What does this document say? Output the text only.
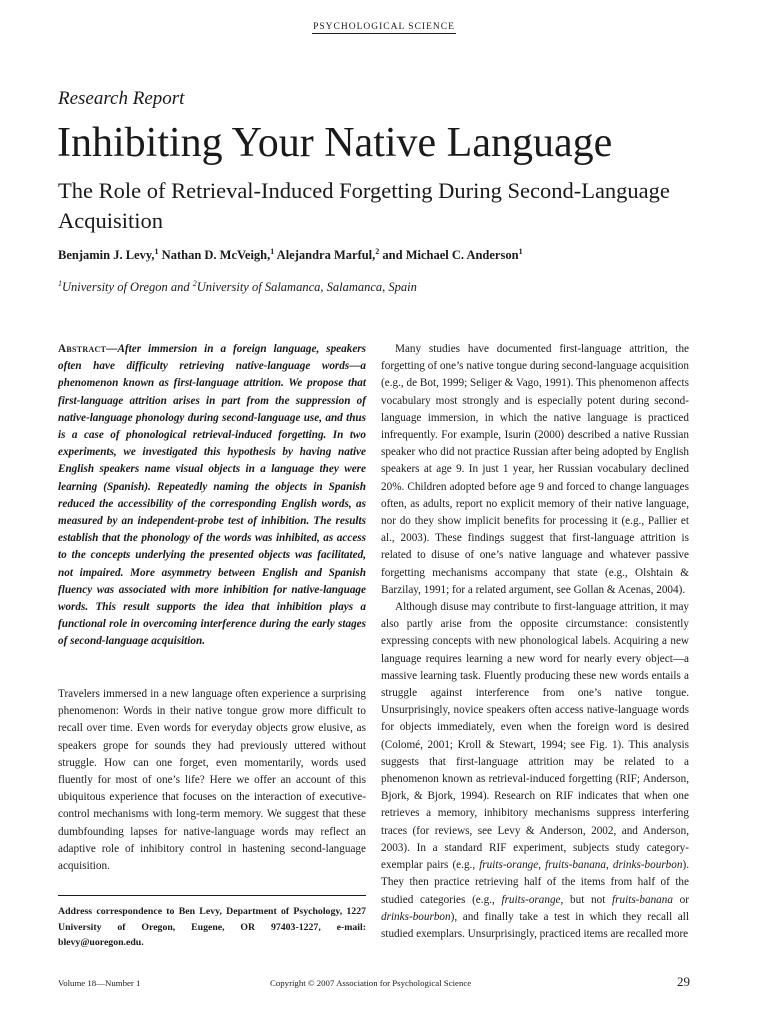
PSYCHOLOGICAL SCIENCE
Research Report
Inhibiting Your Native Language
The Role of Retrieval-Induced Forgetting During Second-Language Acquisition
Benjamin J. Levy,$^1$ Nathan D. McVeigh,$^1$ Alejandra Marful,$^2$ and Michael C. Anderson$^1$
$^1$University of Oregon and $^2$University of Salamanca, Salamanca, Spain

Abstract—After immersion in a foreign language, speakers often have difficulty retrieving native-language words—a phenomenon known as first-language attrition. We propose that first-language attrition arises in part from the suppression of native-language phonology during second-language use, and thus is a case of phonological retrieval-induced forgetting. In two experiments, we investigated this hypothesis by having native English speakers name visual objects in a language they were learning (Spanish). Repeatedly naming the objects in Spanish reduced the accessibility of the corresponding English words, as measured by an independent-probe test of inhibition. The results establish that the phonology of the words was inhibited, as access to the concepts underlying the presented objects was facilitated, not impaired. More asymmetry between English and Spanish fluency was associated with more inhibition for native-language words. This result supports the idea that inhibition plays a functional role in overcoming interference during the early stages of second-language acquisition.

Travelers immersed in a new language often experience a surprising phenomenon: Words in their native tongue grow more difficult to recall over time. Even words for everyday objects grow elusive, as speakers grope for sounds they had previously uttered without struggle. How can one forget, even momentarily, words used fluently for most of one’s life? Here we offer an account of this ubiquitous experience that focuses on the interaction of executive-control mechanisms with long-term memory. We suggest that these dumbfounding lapses for native-language words may reflect an adaptive role of inhibitory control in hastening second-language acquisition.

Address correspondence to Ben Levy, Department of Psychology, 1227 University of Oregon, Eugene, OR 97403-1227, e-mail: blevy@uoregon.edu.

Many studies have documented first-language attrition, the forgetting of one’s native tongue during second-language acquisition (e.g., de Bot, 1999; Seliger & Vago, 1991). This phenomenon affects vocabulary most strongly and is especially potent during second-language immersion, in which the native language is practiced infrequently. For example, Isurin (2000) described a native Russian speaker who did not practice Russian after being adopted by English speakers at age 9. In just 1 year, her Russian vocabulary declined 20%. Children adopted before age 9 and forced to change languages often, as adults, report no explicit memory of their native language, nor do they show implicit benefits for processing it (e.g., Pallier et al., 2003). These findings suggest that first-language attrition is related to disuse of one’s native language and whatever passive forgetting mechanisms accompany that state (e.g., Olshtain & Barzilay, 1991; for a related argument, see Gollan & Acenas, 2004).

Although disuse may contribute to first-language attrition, it may also partly arise from the opposite circumstance: consistently expressing concepts with new phonological labels. Acquiring a new language requires learning a new word for nearly every object—a massive learning task. Fluently producing these new words entails a struggle against interference from one’s native tongue. Unsurprisingly, novice speakers often access native-language words for objects immediately, even when the foreign word is desired (Colomé, 2001; Kroll & Stewart, 1994; see Fig. 1). This analysis suggests that first-language attrition may be related to a phenomenon known as retrieval-induced forgetting (RIF; Anderson, Bjork, & Bjork, 1994). Research on RIF indicates that when one retrieves a memory, inhibitory mechanisms suppress interfering traces (for reviews, see Levy & Anderson, 2002, and Anderson, 2003). In a standard RIF experiment, subjects study category-exemplar pairs (e.g., fruits-orange, fruits-banana, drinks-bourbon). They then practice retrieving half of the items from half of the studied categories (e.g., fruits-orange, but not fruits-banana or drinks-bourbon), and finally take a test in which they recall all studied exemplars. Unsurprisingly, practiced items are recalled more

Volume 18—Number 1	Copyright © 2007 Association for Psychological Science	29
